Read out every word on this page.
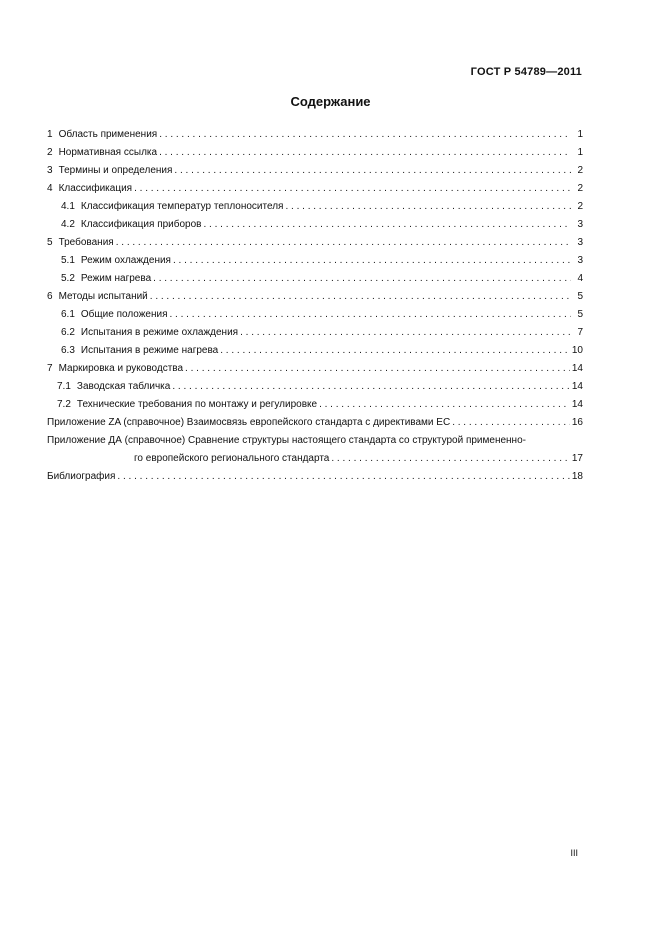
ГОСТ Р 54789—2011
Содержание
1 Область применения . . .	1
2 Нормативная ссылка . . .	1
3 Термины и определения . . .	2
4 Классификация . . .	2
4.1 Классификация температур теплоносителя . . .	2
4.2 Классификация приборов . . .	3
5 Требования . . .	3
5.1 Режим охлаждения . . .	3
5.2 Режим нагрева . . .	4
6 Методы испытаний . . .	5
6.1 Общие положения . . .	5
6.2 Испытания в режиме охлаждения . . .	7
6.3 Испытания в режиме нагрева . . .	10
7 Маркировка и руководства . . .	14
7.1 Заводская табличка . . .	14
7.2 Технические требования по монтажу и регулировке . . .	14
Приложение ZA (справочное) Взаимосвязь европейского стандарта с директивами ЕС . . .	16
Приложение ДА (справочное) Сравнение структуры настоящего стандарта со структурой примененно-
го европейского регионального стандарта . . .	17
Библиография . . .	18
III
